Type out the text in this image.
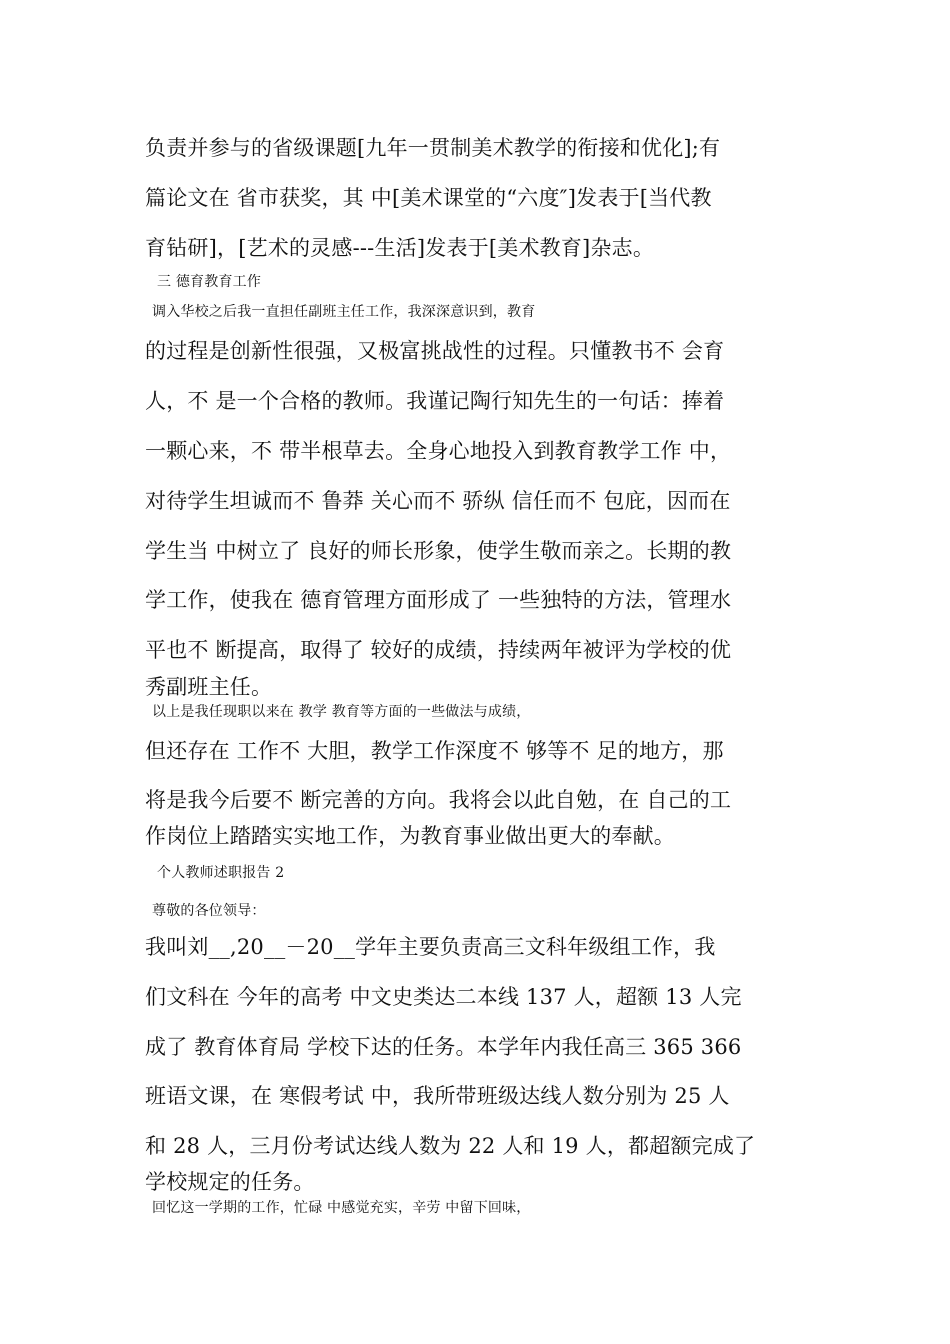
负责并参与的省级课题[九年一贯制美术教学的衔接和优化];有
篇论文在 省市获奖，其 中[美术课堂的“六度″]发表于[当代教
育钻研]，[艺术的灵感---生活]发表于[美术教育]杂志。
三 德育教育工作
调入华校之后我一直担任副班主任工作，我深深意识到，教育
的过程是创新性很强，又极富挑战性的过程。只懂教书不 会育
人，不 是一个合格的教师。我谨记陶行知先生的一句话：捧着
一颗心来，不 带半根草去。全身心地投入到教育教学工作 中，
对待学生坦诚而不 鲁莽 关心而不 骄纵 信任而不 包庇，因而在
学生当 中树立了 良好的师长形象，使学生敬而亲之。长期的教
学工作，使我在 德育管理方面形成了 一些独特的方法，管理水
平也不 断提高，取得了 较好的成绩，持续两年被评为学校的优
秀副班主任。
以上是我任现职以来在 教学 教育等方面的一些做法与成绩，
但还存在 工作不 大胆，教学工作深度不 够等不 足的地方，那
将是我今后要不 断完善的方向。我将会以此自勉，在 自己的工
作岗位上踏踏实实地工作，为教育事业做出更大的奉献。
个人教师述职报告 2
尊敬的各位领导：
我叫刘__,20__－20__学年主要负责高三文科年级组工作，我
们文科在 今年的高考 中文史类达二本线 137 人，超额 13 人完
成了 教育体育局 学校下达的任务。本学年内我任高三 365 366
班语文课，在 寒假考试 中，我所带班级达线人数分别为 25 人
和 28 人，三月份考试达线人数为 22 人和 19 人，都超额完成了
学校规定的任务。
回忆这一学期的工作，忙碌 中感觉充实，辛劳 中留下回味，
